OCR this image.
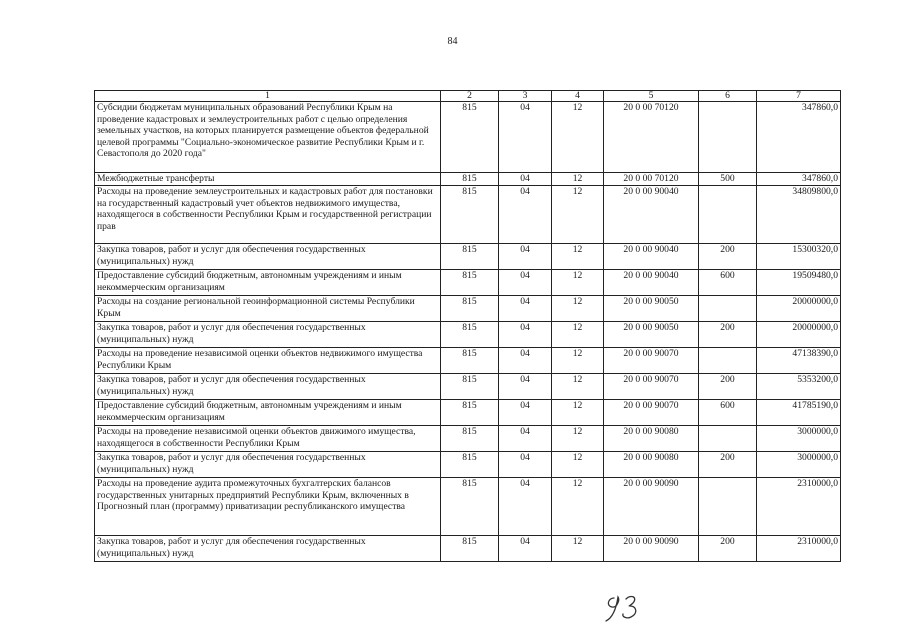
84
1	2	3	4	5	6	7
Субсидии бюджетам муниципальных образований Республики Крым на проведение кадастровых и землеустроительных работ с целью определения земельных участков, на которых планируется размещение объектов федеральной целевой программы "Социально-экономическое развитие Республики Крым и г. Севастополя до 2020 года"	815	04	12	20 0 00 70120		347860,0
Межбюджетные трансферты	815	04	12	20 0 00 70120	500	347860,0
Расходы на проведение землеустроительных и кадастровых работ для постановки на государственный кадастровый учет объектов недвижимого имущества, находящегося в собственности Республики Крым и государственной регистрации прав	815	04	12	20 0 00 90040		34809800,0
Закупка товаров, работ и услуг для обеспечения государственных (муниципальных) нужд	815	04	12	20 0 00 90040	200	15300320,0
Предоставление субсидий бюджетным, автономным учреждениям и иным некоммерческим организациям	815	04	12	20 0 00 90040	600	19509480,0
Расходы на создание региональной геоинформационной системы Республики Крым	815	04	12	20 0 00 90050		20000000,0
Закупка товаров, работ и услуг для обеспечения государственных (муниципальных) нужд	815	04	12	20 0 00 90050	200	20000000,0
Расходы на проведение независимой оценки объектов недвижимого имущества Республики Крым	815	04	12	20 0 00 90070		47138390,0
Закупка товаров, работ и услуг для обеспечения государственных (муниципальных) нужд	815	04	12	20 0 00 90070	200	5353200,0
Предоставление субсидий бюджетным, автономным учреждениям и иным некоммерческим организациям	815	04	12	20 0 00 90070	600	41785190,0
Расходы на проведение независимой оценки объектов движимого имущества, находящегося в собственности Республики Крым	815	04	12	20 0 00 90080		3000000,0
Закупка товаров, работ и услуг для обеспечения государственных (муниципальных) нужд	815	04	12	20 0 00 90080	200	3000000,0
Расходы на проведение аудита промежуточных бухгалтерских балансов государственных унитарных предприятий Республики Крым, включенных в Прогнозный план (программу) приватизации республиканского имущества	815	04	12	20 0 00 90090		2310000,0
Закупка товаров, работ и услуг для обеспечения государственных (муниципальных) нужд	815	04	12	20 0 00 90090	200	2310000,0
